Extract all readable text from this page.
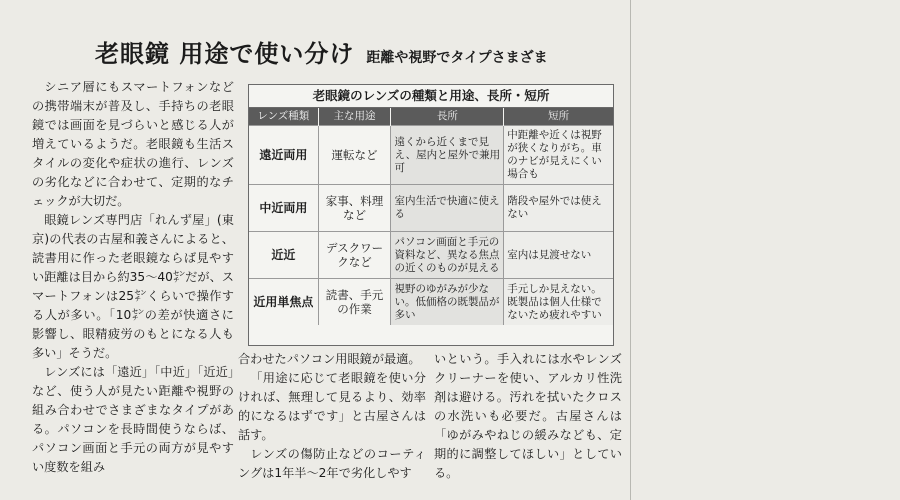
老眼鏡 用途で使い分け 距離や視野でタイプさまざま

シニア層にもスマートフォンなどの携帯端末が普及し、手持ちの老眼鏡では画面を見づらいと感じる人が増えているようだ。老眼鏡も生活スタイルの変化や症状の進行、レンズの劣化などに合わせて、定期的なチェックが大切だ。

眼鏡レンズ専門店「れんず屋」(東京)の代表の古屋和義さんによると、読書用に作った老眼鏡ならば見やすい距離は目から約35〜40㌢だが、スマートフォンは25㌢くらいで操作する人が多い。「10㌢の差が快適さに影響し、眼精疲労のもとになる人も多い」そうだ。

レンズには「遠近」「中近」「近近」など、使う人が見たい距離や視野の組み合わせでさまざまなタイプがある。パソコンを長時間使うならば、パソコン画面と手元の両方が見やすい度数を組み

老眼鏡のレンズの種類と用途、長所・短所
レンズ種類	主な用途	長所	短所
遠近両用	運転など	遠くから近くまで見え、屋内と屋外で兼用可	中距離や近くは視野が狭くなりがち。車のナビが見えにくい場合も
中近両用	家事、料理など	室内生活で快適に使える	階段や屋外では使えない
近近	デスクワークなど	パソコン画面と手元の資料など、異なる焦点の近くのものが見える	室内は見渡せない
近用単焦点	読書、手元の作業	視野のゆがみが少ない。低価格の既製品が多い	手元しか見えない。既製品は個人仕様でないため疲れやすい

合わせたパソコン用眼鏡が最適。

「用途に応じて老眼鏡を使い分ければ、無理して見るより、効率的になるはずです」と古屋さんは話す。

レンズの傷防止などのコーティングは1年半〜2年で劣化しやす

いという。手入れには水やレンズクリーナーを使い、アルカリ性洗剤は避ける。汚れを拭いたクロスの水洗いも必要だ。古屋さんは「ゆがみやねじの緩みなども、定期的に調整してほしい」としている。
